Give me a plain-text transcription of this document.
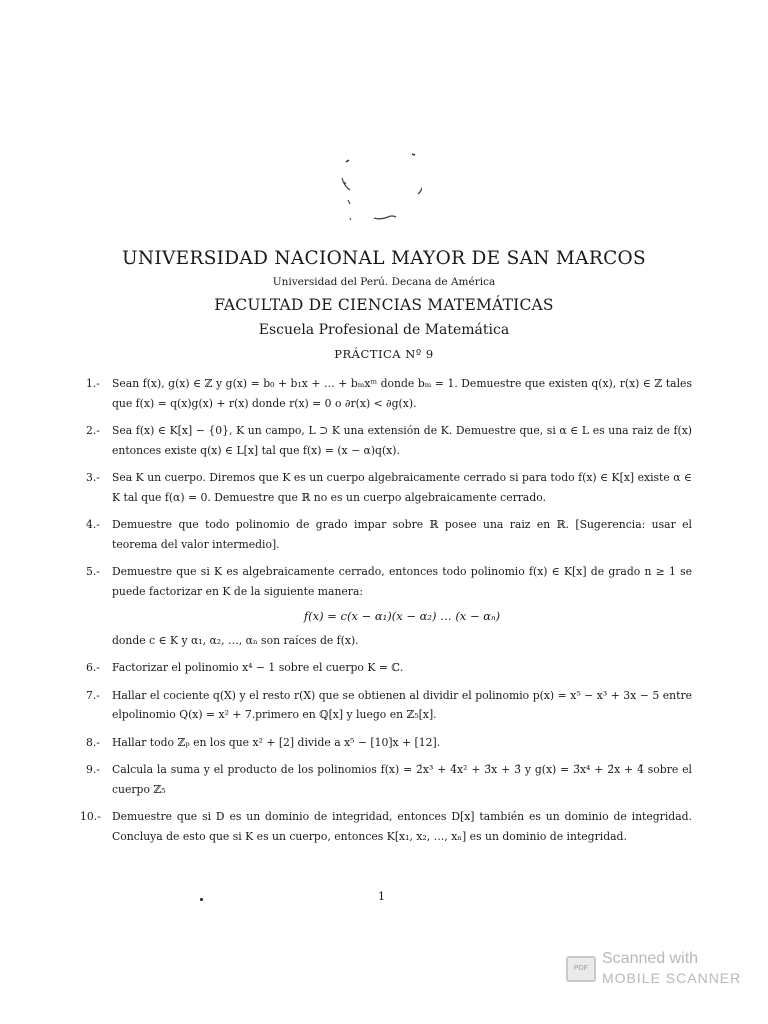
UNIVERSIDAD NACIONAL MAYOR DE SAN MARCOS
Universidad del Perú. Decana de América
FACULTAD DE CIENCIAS MATEMÁTICAS
Escuela Profesional de Matemática
PRÁCTICA Nº 9
1.-	Sean f(x), g(x) ∈ ℤ y g(x) = b₀ + b₁x + … + bₘxᵐ donde bₘ = 1. Demuestre que existen q(x), r(x) ∈ ℤ tales que f(x) = q(x)g(x) + r(x) donde r(x) = 0 o ∂r(x) < ∂g(x).
2.-	Sea f(x) ∈ K[x] − {0}, K un campo, L ⊃ K una extensión de K. Demuestre que, si α ∈ L es una raiz de f(x) entonces existe q(x) ∈ L[x] tal que f(x) = (x − α)q(x).
3.-	Sea K un cuerpo. Diremos que K es un cuerpo algebraicamente cerrado si para todo f(x) ∈ K[x] existe α ∈ K tal que f(α) = 0. Demuestre que ℝ no es un cuerpo algebraicamente cerrado.
4.-	Demuestre que todo polinomio de grado impar sobre ℝ posee una raiz en ℝ. [Sugerencia: usar el teorema del valor intermedio].
5.-	Demuestre que si K es algebraicamente cerrado, entonces todo polinomio f(x) ∈ K[x] de grado n ≥ 1 se puede factorizar en K de la siguiente manera:
f(x) = c(x − α₁)(x − α₂) … (x − αₙ)
donde c ∈ K y α₁, α₂, …, αₙ son raíces de f(x).
6.-	Factorizar el polinomio x⁴ − 1 sobre el cuerpo K = ℂ.
7.-	Hallar el cociente q(X) y el resto r(X) que se obtienen al dividir el polinomio p(x) = x⁵ − x³ + 3x − 5 entre elpolinomio Q(x) = x² + 7.primero en ℚ[x] y luego en ℤ₅[x].
8.-	Hallar todo ℤₚ en los que x² + [2] divide a x⁵ − [10]x + [12].
9.-	Calcula la suma y el producto de los polinomios f(x) = 2̄x³ + 4̄x² + 3̄x + 3̄ y g(x) = 3̄x⁴ + 2̄x + 4̄ sobre el cuerpo ℤ₅
10.-	Demuestre que si D es un dominio de integridad, entonces D[x] también es un dominio de integridad. Concluya de esto que si K es un cuerpo, entonces K[x₁, x₂, …, xₙ] es un dominio de integridad.
1
PDF
Scanned with
MOBILE SCANNER
